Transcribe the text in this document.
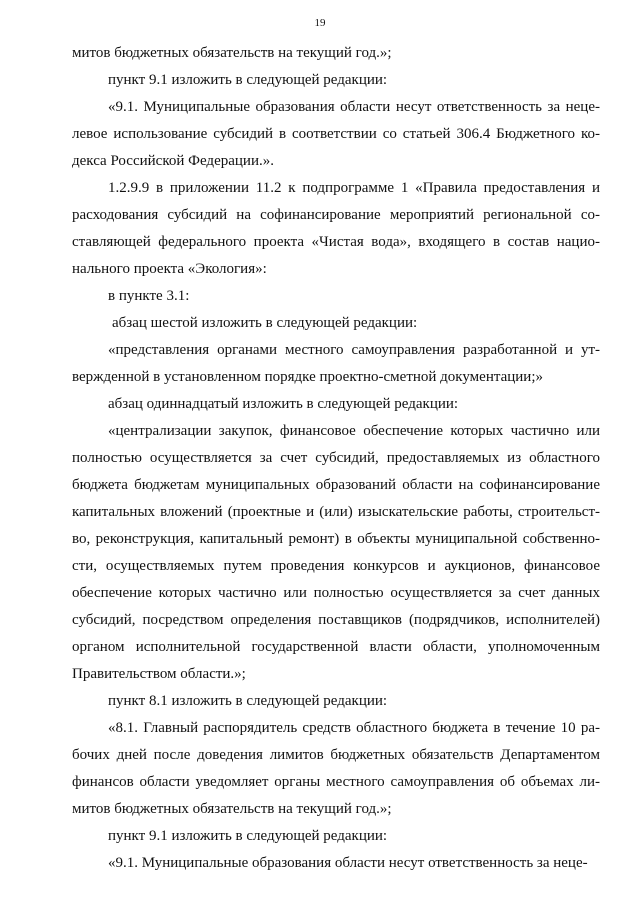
19
митов бюджетных обязательств на текущий год.»;
пункт 9.1 изложить в следующей редакции:
«9.1. Муниципальные образования области несут ответственность за неце-
левое использование субсидий в соответствии со статьей 306.4 Бюджетного ко-
декса Российской Федерации.».
1.2.9.9 в приложении 11.2 к подпрограмме 1 «Правила предоставления и
расходования субсидий на софинансирование мероприятий региональной со-
ставляющей федерального проекта «Чистая вода», входящего в состав нацио-
нального проекта «Экология»:
в пункте 3.1:
абзац шестой изложить в следующей редакции:
«представления органами местного самоуправления разработанной и ут-
вержденной в установленном порядке проектно-сметной документации;»
абзац одиннадцатый изложить в следующей редакции:
«централизации закупок, финансовое обеспечение которых частично или
полностью осуществляется за счет субсидий, предоставляемых из областного
бюджета бюджетам муниципальных образований области на софинансирование
капитальных вложений (проектные и (или) изыскательские работы, строительст-
во, реконструкция, капитальный ремонт) в объекты муниципальной собственно-
сти, осуществляемых путем проведения конкурсов и аукционов, финансовое
обеспечение которых частично или полностью осуществляется за счет данных
субсидий, посредством определения поставщиков (подрядчиков, исполнителей)
органом исполнительной государственной власти области, уполномоченным
Правительством области.»;
пункт 8.1 изложить в следующей редакции:
«8.1. Главный распорядитель средств областного бюджета в течение 10 ра-
бочих дней после доведения лимитов бюджетных обязательств Департаментом
финансов области уведомляет органы местного самоуправления об объемах ли-
митов бюджетных обязательств на текущий год.»;
пункт 9.1 изложить в следующей редакции:
«9.1. Муниципальные образования области несут ответственность за неце-
